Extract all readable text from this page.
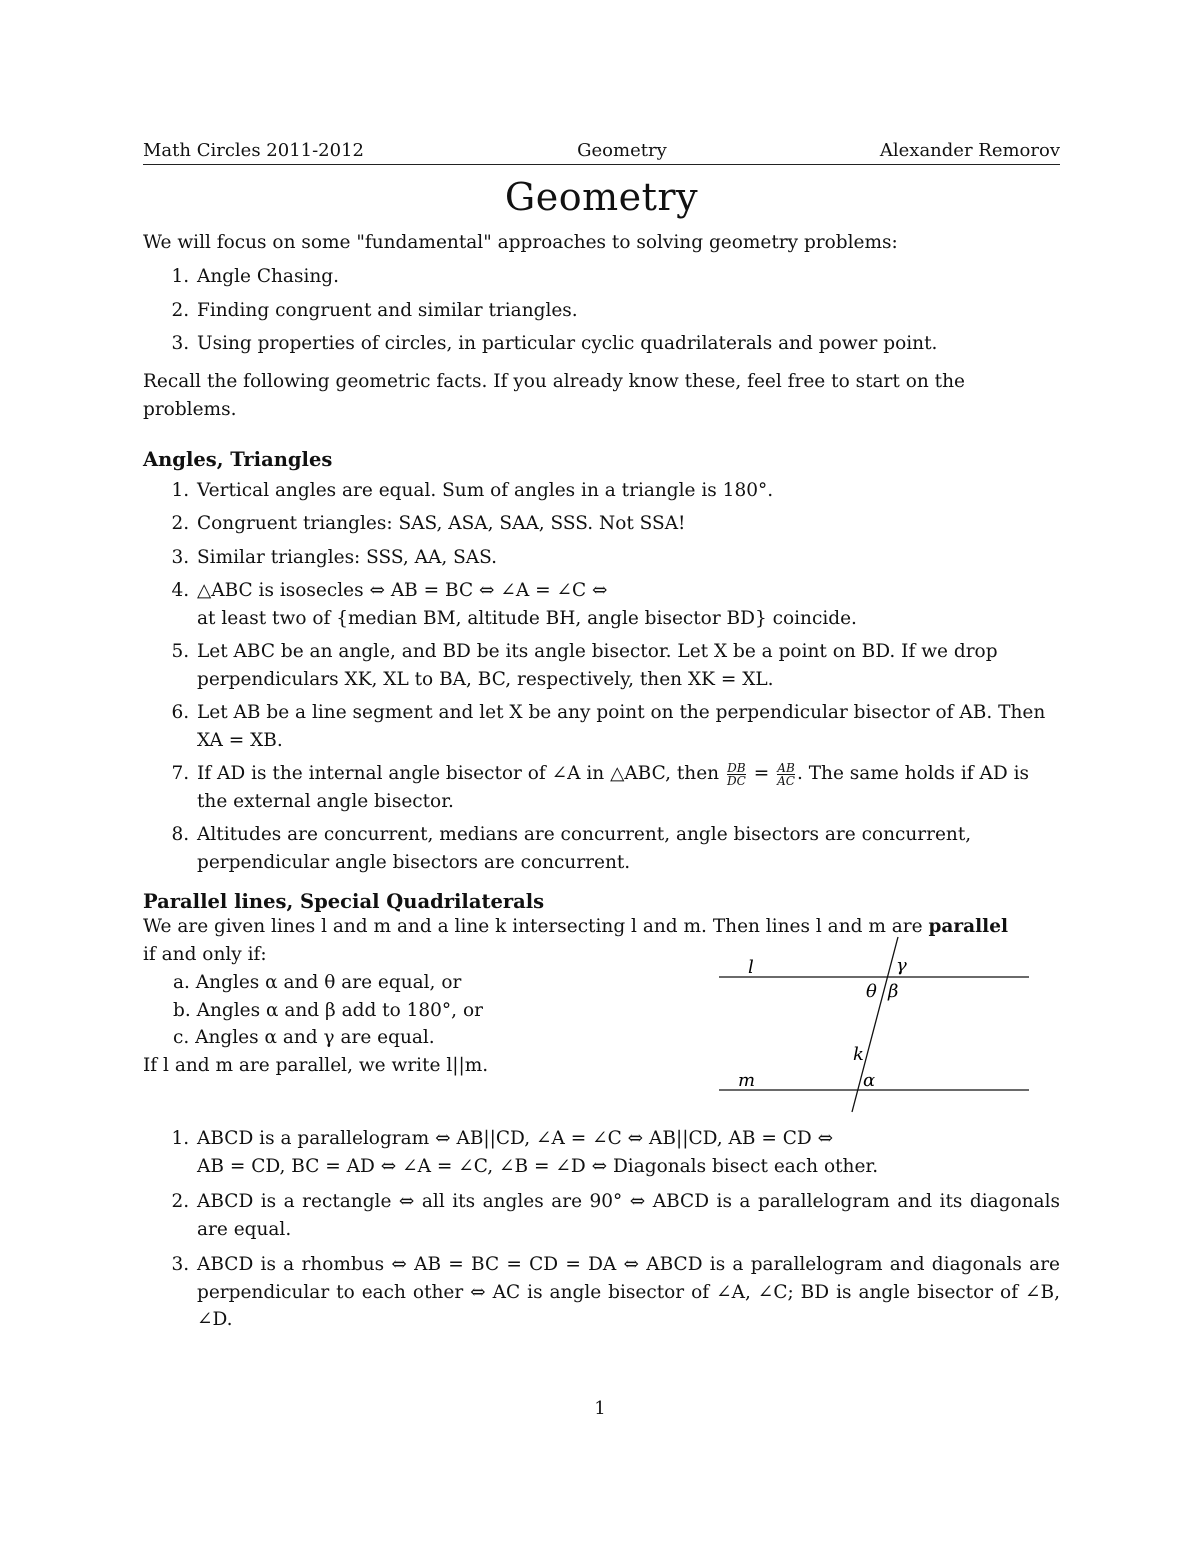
Math Circles 2011-2012	Geometry	Alexander Remorov
Geometry

We will focus on some "fundamental" approaches to solving geometry problems:

1. Angle Chasing.
2. Finding congruent and similar triangles.
3. Using properties of circles, in particular cyclic quadrilaterals and power point.

Recall the following geometric facts. If you already know these, feel free to start on the problems.

Angles, Triangles
1. Vertical angles are equal. Sum of angles in a triangle is 180°.
2. Congruent triangles: SAS, ASA, SAA, SSS. Not SSA!
3. Similar triangles: SSS, AA, SAS.
4. △ABC is isosecles ⇔ AB = BC ⇔ ∠A = ∠C ⇔
at least two of {median BM, altitude BH, angle bisector BD} coincide.
5. Let ABC be an angle, and BD be its angle bisector. Let X be a point on BD. If we drop perpendiculars XK, XL to BA, BC, respectively, then XK = XL.
6. Let AB be a line segment and let X be any point on the perpendicular bisector of AB. Then XA = XB.
7. If AD is the internal angle bisector of ∠A in △ABC, then $\frac{DB}{DC} = \frac{AB}{AC}$ . The same holds if AD is the external angle bisector.
8. Altitudes are concurrent, medians are concurrent, angle bisectors are concurrent, perpendicular angle bisectors are concurrent.
Parallel lines, Special Quadrilaterals

We are given lines l and m and a line k intersecting l and m. Then lines l and m are parallel
if and only if:

a. Angles α and θ are equal, or
b. Angles α and β add to 180°, or
c. Angles α and γ are equal.

If l and m are parallel, we write l||m.

l	γ
θ β
k
m	α
1. ABCD is a parallelogram ⇔ AB||CD, ∠A = ∠C ⇔ AB||CD, AB = CD ⇔
AB = CD, BC = AD ⇔ ∠A = ∠C, ∠B = ∠D ⇔ Diagonals bisect each other.
2. ABCD is a rectangle ⇔ all its angles are 90° ⇔ ABCD is a parallelogram and its diagonals are equal.
3. ABCD is a rhombus ⇔ AB = BC = CD = DA ⇔ ABCD is a parallelogram and diagonals are perpendicular to each other ⇔ AC is angle bisector of ∠A, ∠C; BD is angle bisector of ∠B, ∠D.
1
